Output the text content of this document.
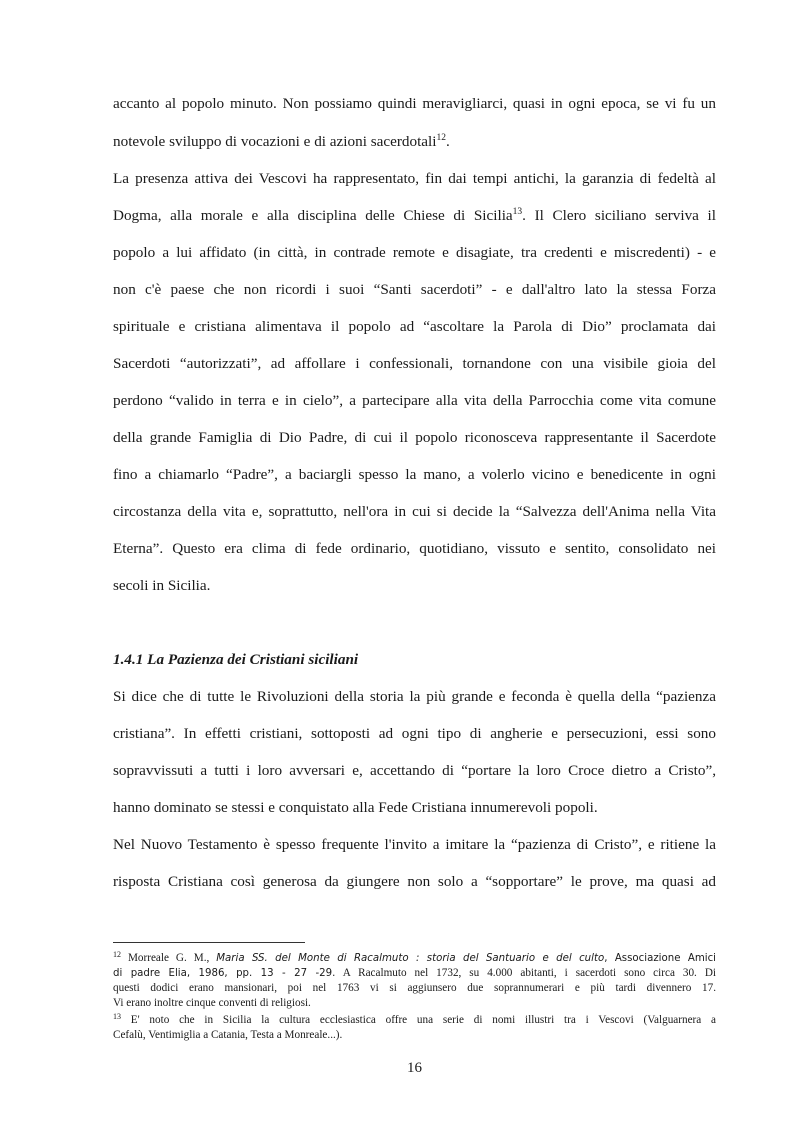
accanto al popolo minuto. Non possiamo quindi meravigliarci, quasi in ogni epoca, se vi fu un
notevole sviluppo di vocazioni e di azioni sacerdotali$^{12}$.
La presenza attiva dei Vescovi ha rappresentato, fin dai tempi antichi, la garanzia di fedeltà al
Dogma, alla morale e alla disciplina delle Chiese di Sicilia$^{13}$. Il Clero siciliano serviva il
popolo a lui affidato (in città, in contrade remote e disagiate, tra credenti e miscredenti) - e
non c'è paese che non ricordi i suoi “Santi sacerdoti” - e dall'altro lato la stessa Forza
spirituale e cristiana alimentava il popolo ad “ascoltare la Parola di Dio” proclamata dai
Sacerdoti “autorizzati”, ad affollare i confessionali, tornandone con una visibile gioia del
perdono “valido in terra e in cielo”, a partecipare alla vita della Parrocchia come vita comune
della grande Famiglia di Dio Padre, di cui il popolo riconosceva rappresentante il Sacerdote
fino a chiamarlo “Padre”, a baciargli spesso la mano, a volerlo vicino e benedicente in ogni
circostanza della vita e, soprattutto, nell'ora in cui si decide la “Salvezza dell'Anima nella Vita
Eterna”. Questo era clima di fede ordinario, quotidiano, vissuto e sentito, consolidato nei
secoli in Sicilia.
1.4.1 La Pazienza dei Cristiani siciliani
Si dice che di tutte le Rivoluzioni della storia la più grande e feconda è quella della “pazienza
cristiana”. In effetti cristiani, sottoposti ad ogni tipo di angherie e persecuzioni, essi sono
sopravvissuti a tutti i loro avversari e, accettando di “portare la loro Croce dietro a Cristo”,
hanno dominato se stessi e conquistato alla Fede Cristiana innumerevoli popoli.
Nel Nuovo Testamento è spesso frequente l'invito a imitare la “pazienza di Cristo”, e ritiene la
risposta Cristiana così generosa da giungere non solo a “sopportare” le prove, ma quasi ad
$^{12}$ Morreale G. M., Maria SS. del Monte di Racalmuto : storia del Santuario e del culto, Associazione Amici
di padre Elia, 1986, pp. 13 - 27 -29. A Racalmuto nel 1732, su 4.000 abitanti, i sacerdoti sono circa 30. Di
questi dodici erano mansionari, poi nel 1763 vi si aggiunsero due soprannumerari e più tardi divennero 17.
Vi erano inoltre cinque conventi di religiosi.
$^{13}$ E' noto che in Sicilia la cultura ecclesiastica offre una serie di nomi illustri tra i Vescovi (Valguarnera a
Cefalù, Ventimiglia a Catania, Testa a Monreale...).
16
